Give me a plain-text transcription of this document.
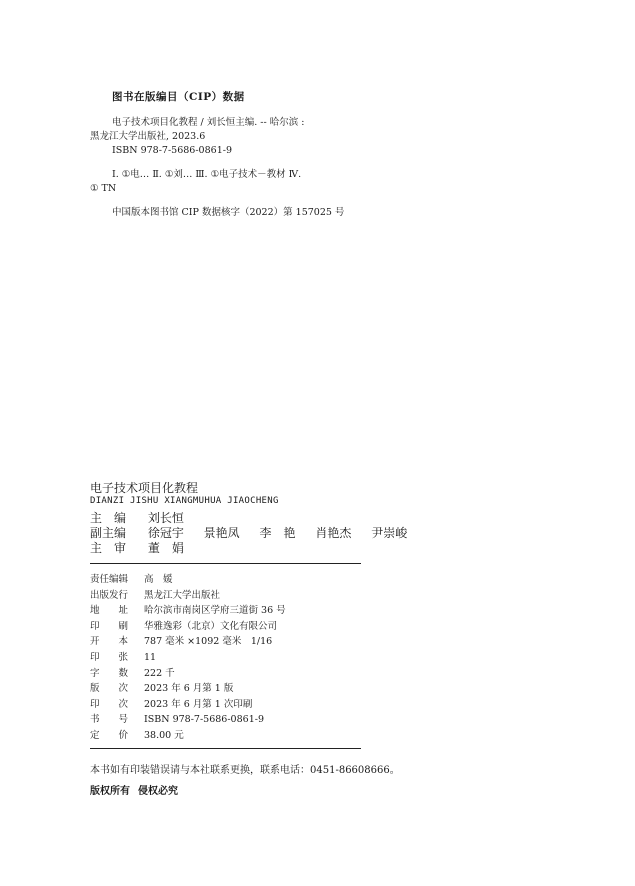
图书在版编目（CIP）数据
电子技术项目化教程 / 刘长恒主编. -- 哈尔滨 :
黑龙江大学出版社, 2023.6
ISBN 978-7-5686-0861-9
Ⅰ. ①电… Ⅱ. ①刘… Ⅲ. ①电子技术－教材 Ⅳ.
① TN
中国版本图书馆 CIP 数据核字（2022）第 157025 号
电子技术项目化教程
DIANZI JISHU XIANGMUHUA JIAOCHENG
主　编 刘长恒
副主编 徐冠宇 景艳凤 李　艳 肖艳杰 尹崇峻
主　审 董　娟
责任编辑	高　媛
出版发行	黑龙江大学出版社
地　　址	哈尔滨市南岗区学府三道街 36 号
印　　刷	华雅逸彩（北京）文化有限公司
开　　本	787 毫米 ×1092 毫米　1/16
印　　张	11
字　　数	222 千
版　　次	2023 年 6 月第 1 版
印　　次	2023 年 6 月第 1 次印刷
书　　号	ISBN 978-7-5686-0861-9
定　　价	38.00 元
本书如有印装错误请与本社联系更换，联系电话：0451-86608666。
版权所有 侵权必究
